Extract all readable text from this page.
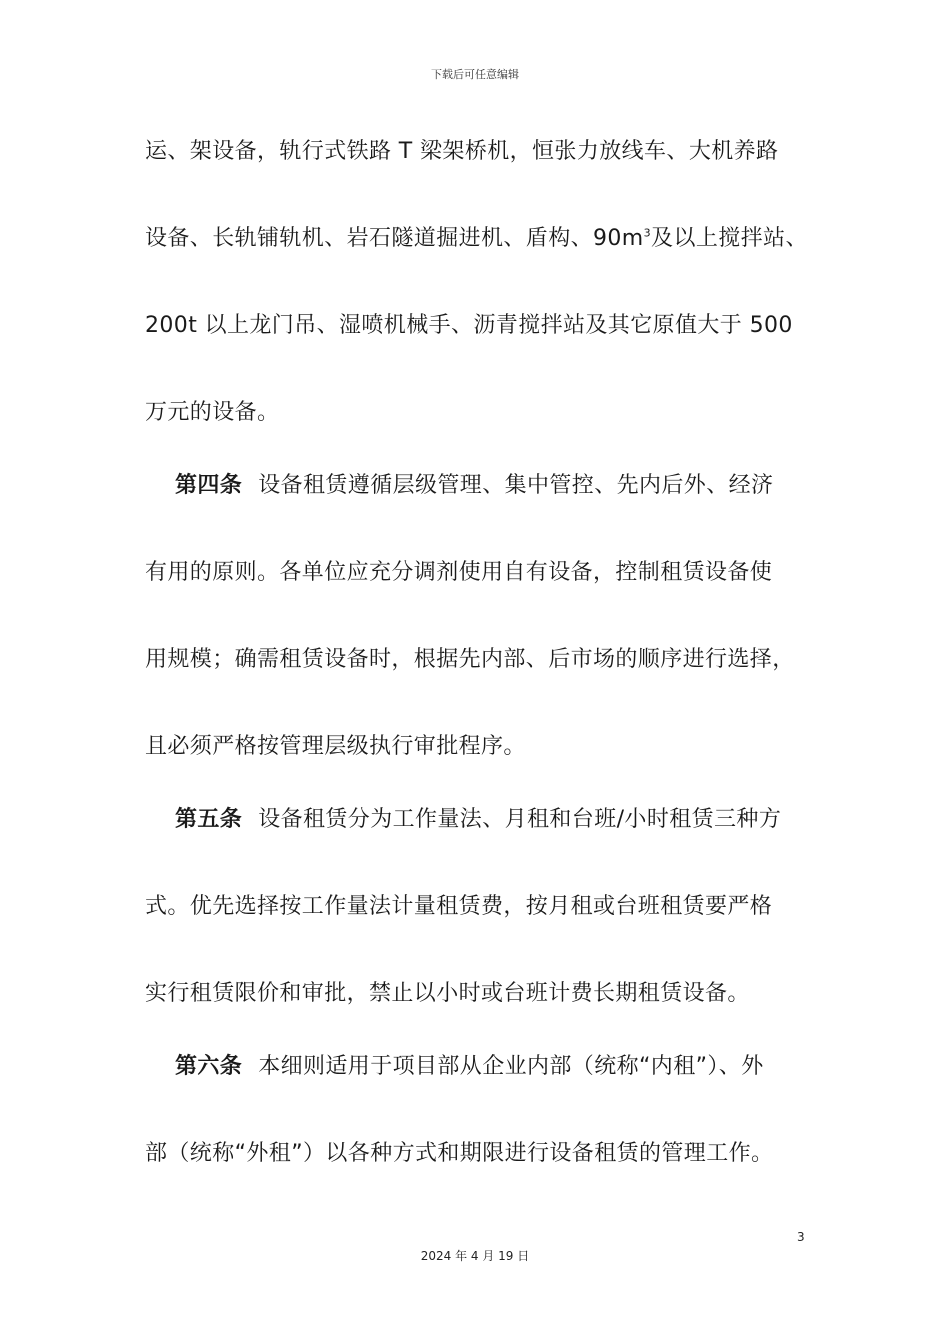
下载后可任意编辑
运、架设备，轨行式铁路 T 梁架桥机，恒张力放线车、大机养路
设备、长轨铺轨机、岩石隧道掘进机、盾构、$90m^3$及以上搅拌站、
200t 以上龙门吊、湿喷机械手、沥青搅拌站及其它原值大于 500
万元的设备。
第四条 设备租赁遵循层级管理、集中管控、先内后外、经济
有用的原则。各单位应充分调剂使用自有设备，控制租赁设备使
用规模；确需租赁设备时，根据先内部、后市场的顺序进行选择，
且必须严格按管理层级执行审批程序。
第五条 设备租赁分为工作量法、月租和台班/小时租赁三种方
式。优先选择按工作量法计量租赁费，按月租或台班租赁要严格
实行租赁限价和审批，禁止以小时或台班计费长期租赁设备。
第六条 本细则适用于项目部从企业内部（统称“内租”）、外
部（统称“外租”）以各种方式和期限进行设备租赁的管理工作。
3
2024 年 4 月 19 日
